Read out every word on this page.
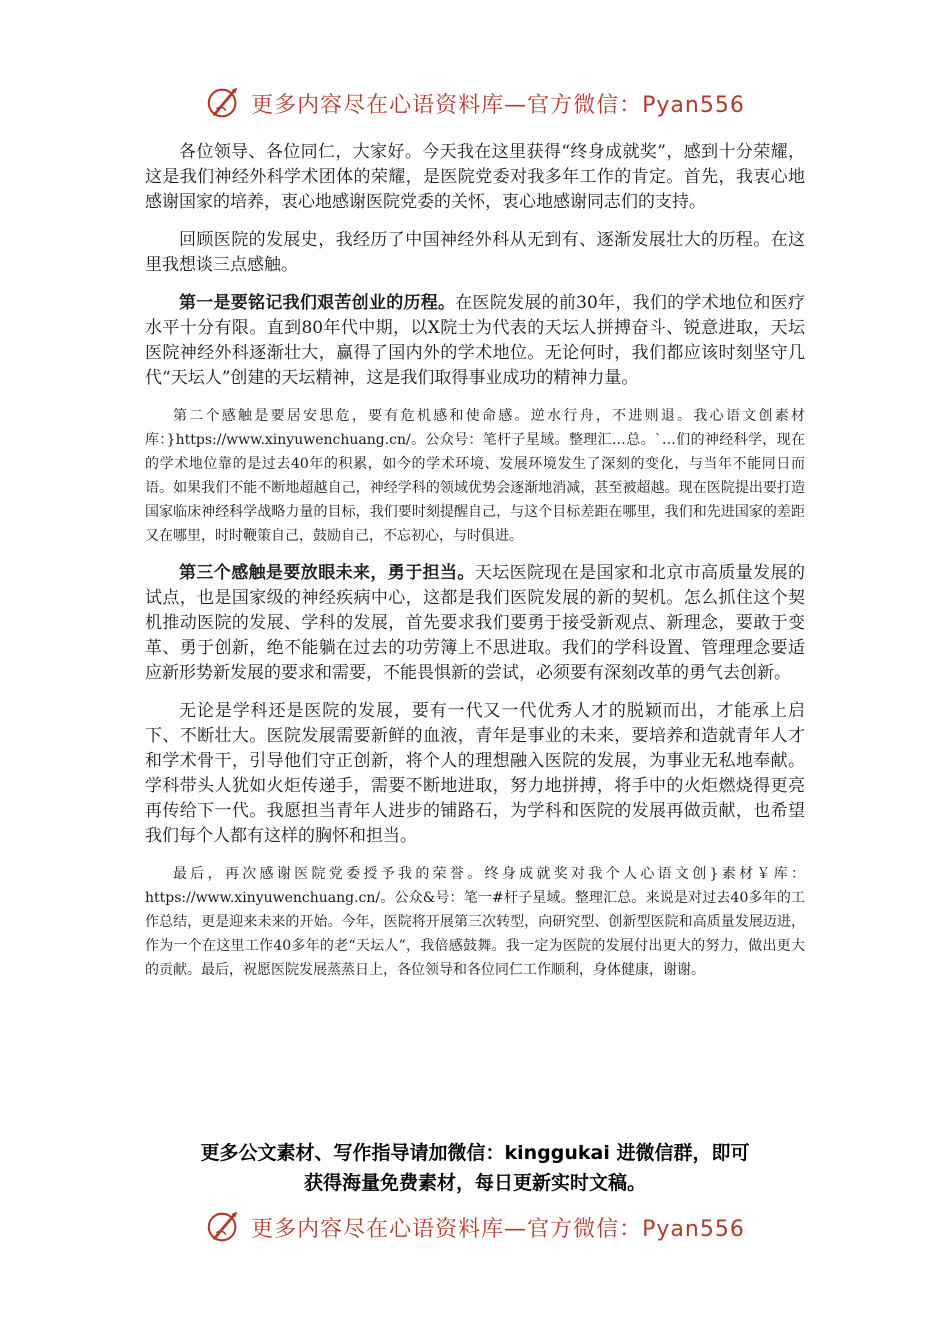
更多内容尽在心语资料库—官方微信：Pyan556

各位领导、各位同仁，大家好。今天我在这里获得“终身成就奖”，感到十分荣耀，这是我们神经外科学术团体的荣耀，是医院党委对我多年工作的肯定。首先，我衷心地感谢国家的培养，衷心地感谢医院党委的关怀，衷心地感谢同志们的支持。

回顾医院的发展史，我经历了中国神经外科从无到有、逐渐发展壮大的历程。在这里我想谈三点感触。

第一是要铭记我们艰苦创业的历程。在医院发展的前30年，我们的学术地位和医疗水平十分有限。直到80年代中期，以X院士为代表的天坛人拼搏奋斗、锐意进取，天坛医院神经外科逐渐壮大，赢得了国内外的学术地位。无论何时，我们都应该时刻坚守几代“天坛人”创建的天坛精神，这是我们取得事业成功的精神力量。

第二个感触是要居安思危，要有危机感和使命感。逆水行舟，不进则退。我心语文创素材库：}https://www.xinyuwenchuang.cn/。公众号：笔杆子星域。整理汇…总。`…们的神经科学，现在的学术地位靠的是过去40年的积累，如今的学术环境、发展环境发生了深刻的变化，与当年不能同日而语。如果我们不能不断地超越自己，神经学科的领域优势会逐渐地消减，甚至被超越。现在医院提出要打造国家临床神经科学战略力量的目标，我们要时刻提醒自己，与这个目标差距在哪里，我们和先进国家的差距又在哪里，时时鞭策自己，鼓励自己，不忘初心，与时俱进。

第三个感触是要放眼未来，勇于担当。天坛医院现在是国家和北京市高质量发展的试点，也是国家级的神经疾病中心，这都是我们医院发展的新的契机。怎么抓住这个契机推动医院的发展、学科的发展，首先要求我们要勇于接受新观点、新理念，要敢于变革、勇于创新，绝不能躺在过去的功劳簿上不思进取。我们的学科设置、管理理念要适应新形势新发展的要求和需要，不能畏惧新的尝试，必须要有深刻改革的勇气去创新。

无论是学科还是医院的发展，要有一代又一代优秀人才的脱颖而出，才能承上启下、不断壮大。医院发展需要新鲜的血液，青年是事业的未来，要培养和造就青年人才和学术骨干，引导他们守正创新，将个人的理想融入医院的发展，为事业无私地奉献。学科带头人犹如火炬传递手，需要不断地进取，努力地拼搏，将手中的火炬燃烧得更亮再传给下一代。我愿担当青年人进步的铺路石，为学科和医院的发展再做贡献，也希望我们每个人都有这样的胸怀和担当。

最后，再次感谢医院党委授予我的荣誉。终身成就奖对我个人心语文创}素材￥库：https://www.xinyuwenchuang.cn/。公众&号：笔一#杆子星域。整理汇总。来说是对过去40多年的工作总结，更是迎来未来的开始。今年，医院将开展第三次转型，向研究型、创新型医院和高质量发展迈进，作为一个在这里工作40多年的老“天坛人”，我倍感鼓舞。我一定为医院的发展付出更大的努力，做出更大的贡献。最后，祝愿医院发展蒸蒸日上，各位领导和各位同仁工作顺利，身体健康，谢谢。

更多公文素材、写作指导请加微信：kinggukai 进微信群，即可
获得海量免费素材，每日更新实时文稿。
更多内容尽在心语资料库—官方微信：Pyan556
